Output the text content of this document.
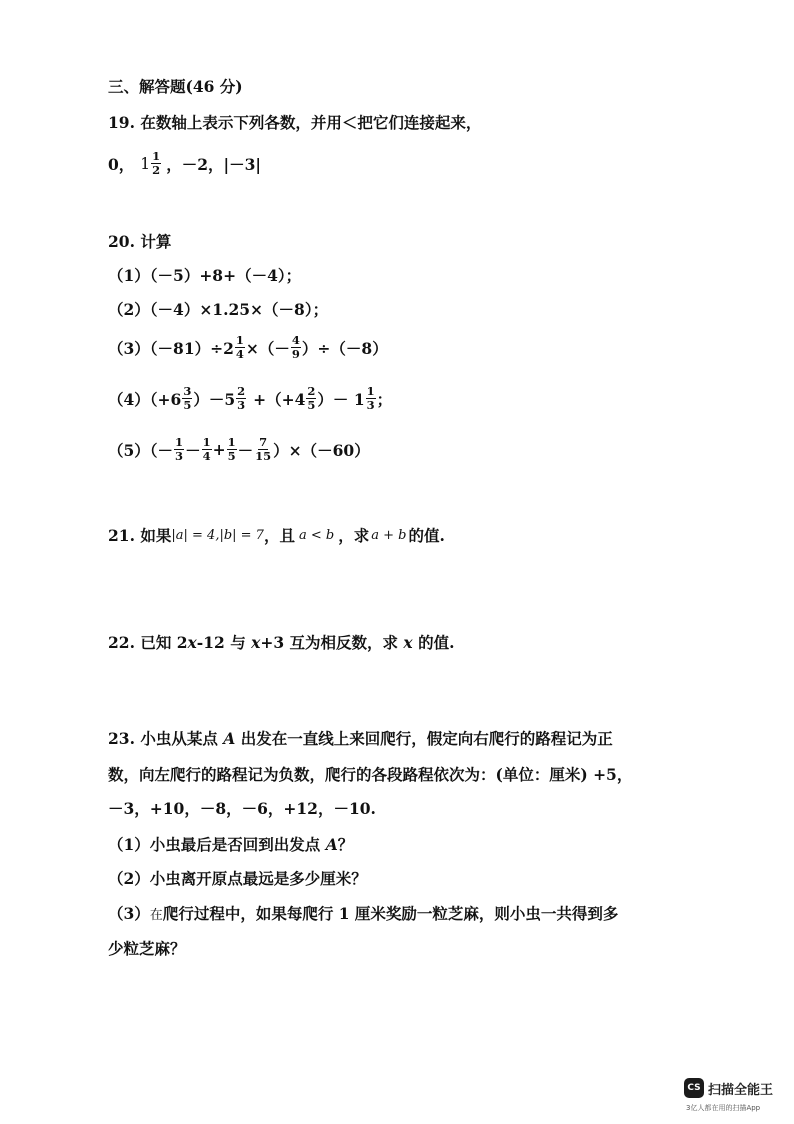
三、解答题(46 分)
19. 在数轴上表示下列各数，并用＜把它们连接起来，
0， $1 \frac{1}{2}$ ，－2，|－3|
20. 计算
（1）（－5）+8+（－4）；
（2）（－4）×1.25×（－8）；
$(3)(-81)\div 2 \frac{1}{4}$ ×（－ $\frac{4}{9} )\div(-8)$
$(4)(+6 \frac{3}{5} )-5 \frac{2}{3} +(+4 \frac{2}{5}$ ）－ $1 \frac{1}{3}$ ；
$(5)(- \frac{1}{3} - \frac{1}{4} + \frac{1}{5} - \frac{7}{15} )\times(-60)$
21. 如果 |a| = 4,|b| = 7 ，且 a < b ，求 a + b 的值.
22. 已知 2 x -12 与 x +3 互为相反数，求 x 的值.
23. 小虫从某点 A 出发在一直线上来回爬行，假定向右爬行的路程记为正
数，向左爬行的路程记为负数，爬行的各段路程依次为：(单位：厘米) +5，
－3，+10，－8，－6，+12，－10.
（1）小虫最后是否回到出发点 A ？
（2）小虫离开原点最远是多少厘米？
（3） 在 爬行过程中，如果每爬行 1 厘米奖励一粒芝麻，则小虫一共得到多
少粒芝麻？
CS 扫描全能王
3亿人都在用的扫描App
